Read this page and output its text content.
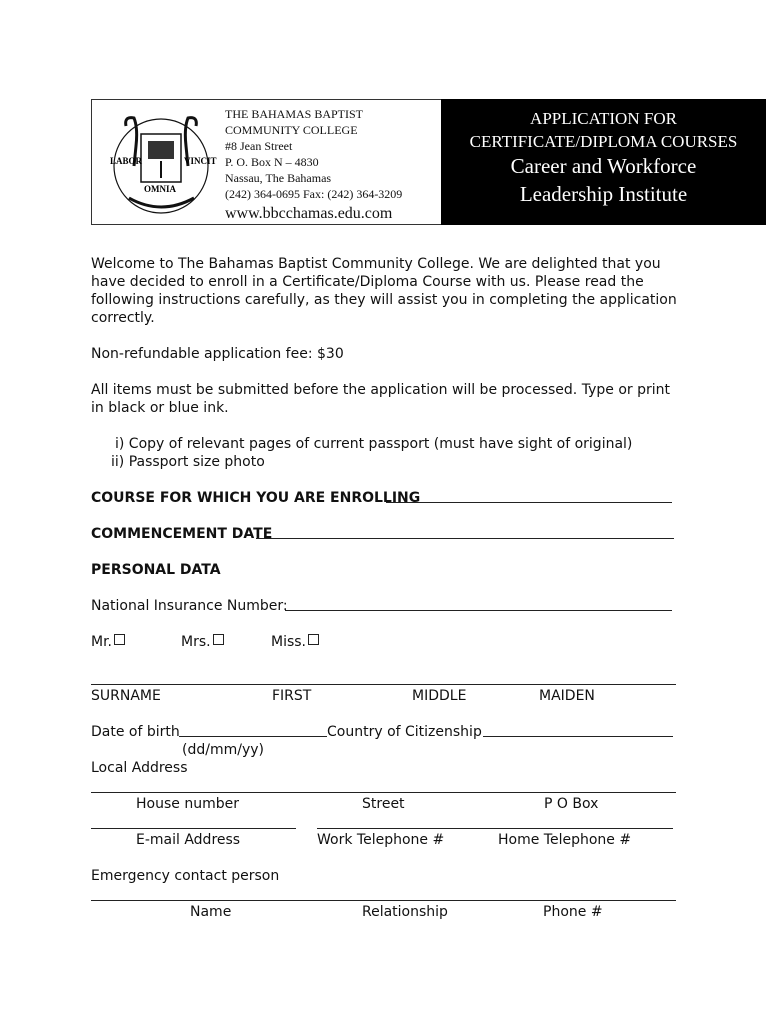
LABOR
OMNIA
VINCIT
THE BAHAMAS BAPTIST
COMMUNITY COLLEGE
#8 Jean Street
P. O. Box N – 4830
Nassau, The Bahamas
(242) 364-0695 Fax: (242) 364-3209
www.bbcchamas.edu.com
APPLICATION FOR
CERTIFICATE/DIPLOMA COURSES
Career and Workforce
Leadership Institute
Welcome to The Bahamas Baptist Community College. We are delighted that you
have decided to enroll in a Certificate/Diploma Course with us. Please read the
following instructions carefully, as they will assist you in completing the application
correctly.
Non-refundable application fee: $30
All items must be submitted before the application will be processed. Type or print
in black or blue ink.
i) Copy of relevant pages of current passport (must have sight of original)
ii) Passport size photo
COURSE FOR WHICH YOU ARE ENROLLING
COMMENCEMENT DATE
PERSONAL DATA
National Insurance Number:
Mr.	Mrs.	Miss.
SURNAME	FIRST	MIDDLE	MAIDEN
Date of birth	Country of Citizenship
(dd/mm/yy)
Local Address
House number	Street	P O Box
E-mail Address	Work Telephone #	Home Telephone #
Emergency contact person
Name	Relationship	Phone #
